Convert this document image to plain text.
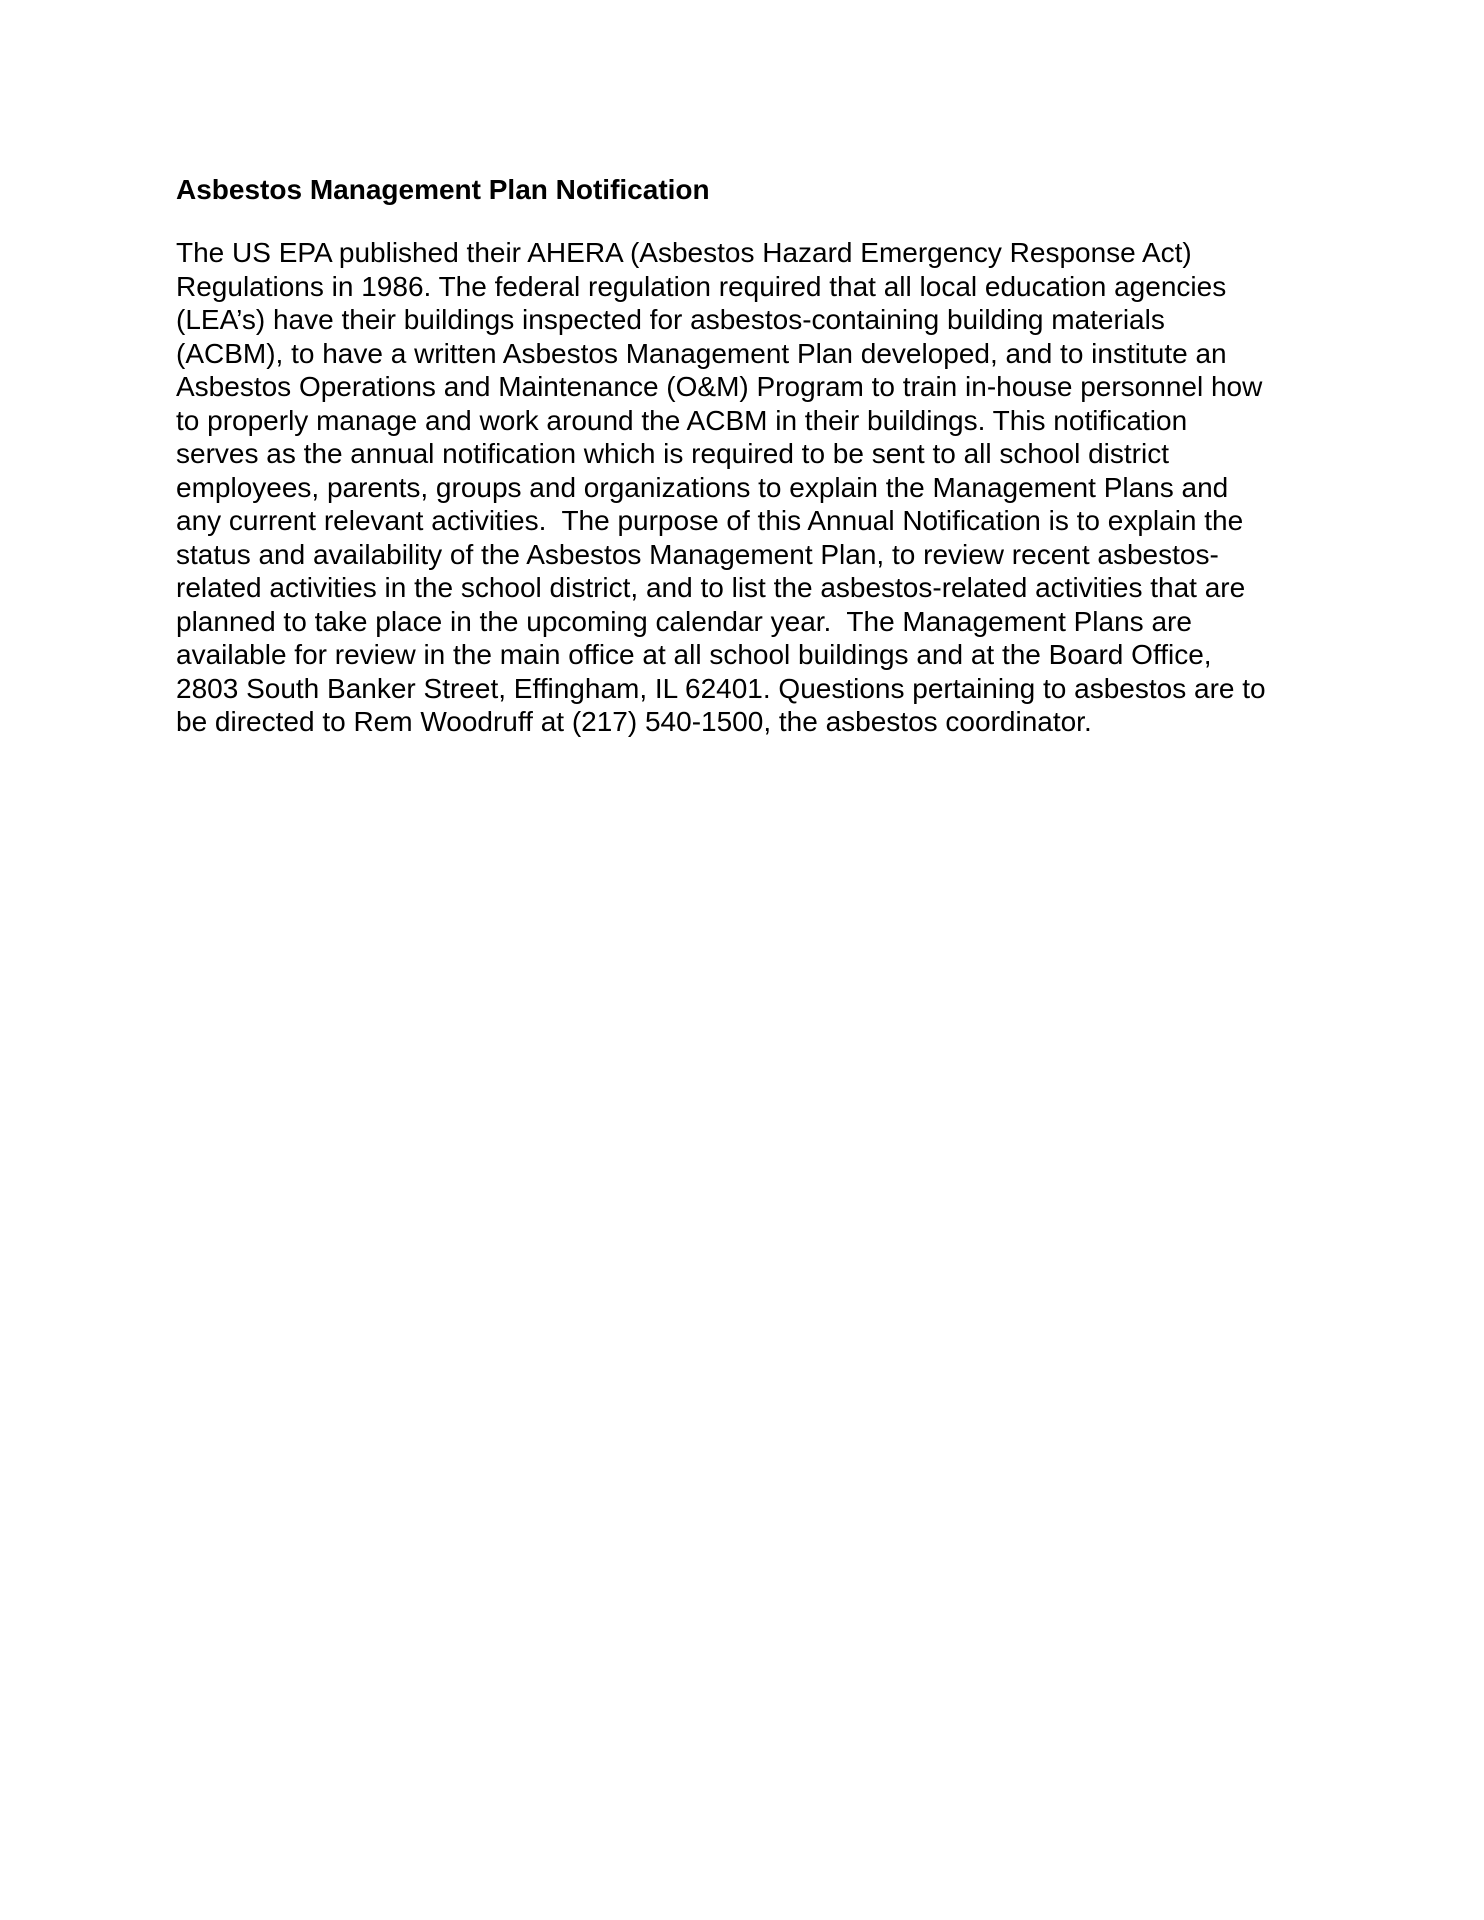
Asbestos Management Plan Notification

The US EPA published their AHERA (Asbestos Hazard Emergency Response Act)
Regulations in 1986. The federal regulation required that all local education agencies
(LEA’s) have their buildings inspected for asbestos-containing building materials
(ACBM), to have a written Asbestos Management Plan developed, and to institute an
Asbestos Operations and Maintenance (O&M) Program to train in-house personnel how
to properly manage and work around the ACBM in their buildings. This notification
serves as the annual notification which is required to be sent to all school district
employees, parents, groups and organizations to explain the Management Plans and
any current relevant activities.  The purpose of this Annual Notification is to explain the
status and availability of the Asbestos Management Plan, to review recent asbestos-
related activities in the school district, and to list the asbestos-related activities that are
planned to take place in the upcoming calendar year.  The Management Plans are
available for review in the main office at all school buildings and at the Board Office,
2803 South Banker Street, Effingham, IL 62401. Questions pertaining to asbestos are to
be directed to Rem Woodruff at (217) 540-1500, the asbestos coordinator.
